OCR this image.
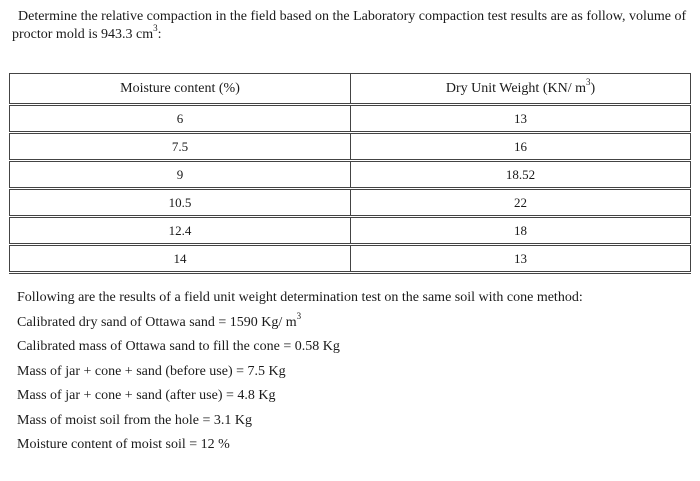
Determine the relative compaction in the field based on the Laboratory compaction test results are as follow, volume of

proctor mold is 943.3 $cm^3$:

Moisture content (%)	Dry Unit Weight (KN/ $m^3$)
6	13
7.5	16
9	18.52
10.5	22
12.4	18
14	13

Following are the results of a field unit weight determination test on the same soil with cone method:

Calibrated dry sand of Ottawa sand = 1590 Kg/ $m^3$

Calibrated mass of Ottawa sand to fill the cone = 0.58 Kg

Mass of jar + cone + sand (before use) = 7.5 Kg

Mass of jar + cone + sand (after use) = 4.8 Kg

Mass of moist soil from the hole = 3.1 Kg

Moisture content of moist soil = 12 %
